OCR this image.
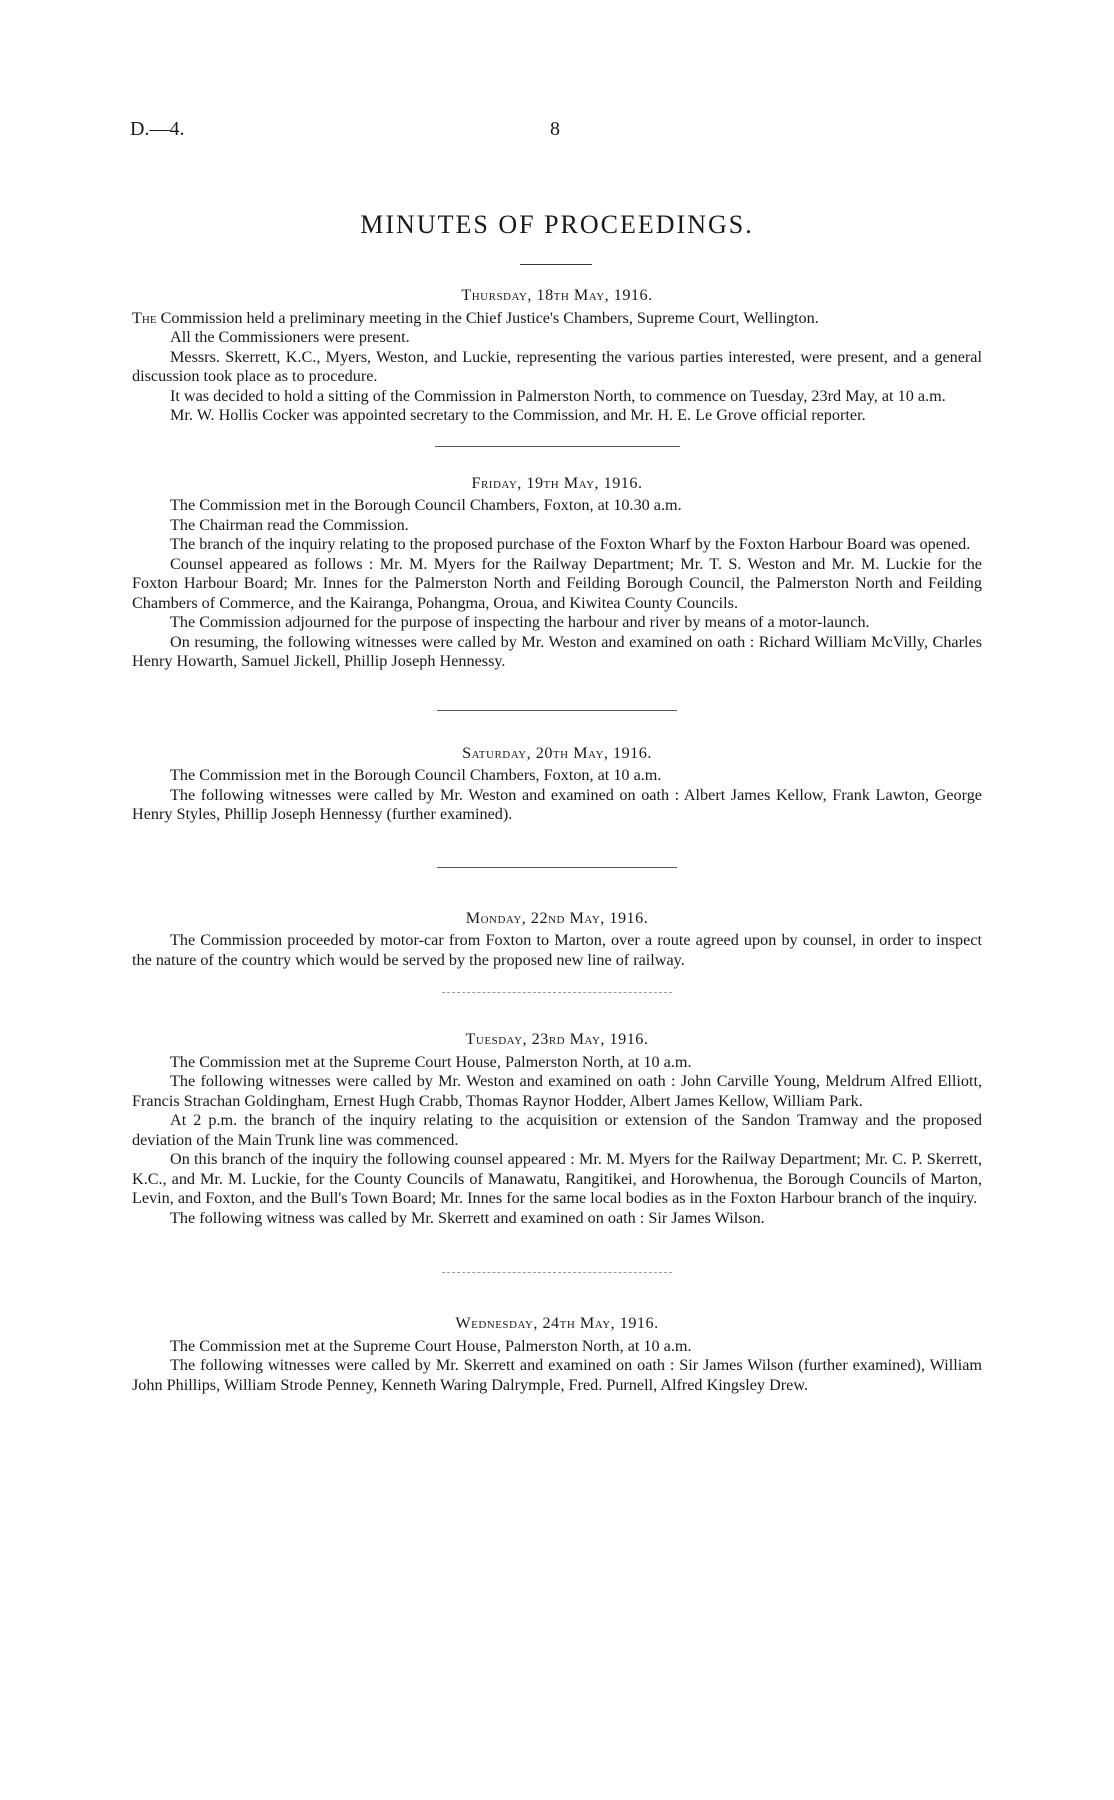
D.—4.	8
MINUTES OF PROCEEDINGS.
Thursday, 18th May, 1916.

The Commission held a preliminary meeting in the Chief Justice's Chambers, Supreme Court, Wellington.

All the Commissioners were present.

Messrs. Skerrett, K.C., Myers, Weston, and Luckie, representing the various parties interested, were present, and a general discussion took place as to procedure.

It was decided to hold a sitting of the Commission in Palmerston North, to commence on Tuesday, 23rd May, at 10 a.m.

Mr. W. Hollis Cocker was appointed secretary to the Commission, and Mr. H. E. Le Grove official reporter.

Friday, 19th May, 1916.

The Commission met in the Borough Council Chambers, Foxton, at 10.30 a.m.

The Chairman read the Commission.

The branch of the inquiry relating to the proposed purchase of the Foxton Wharf by the Foxton Harbour Board was opened.

Counsel appeared as follows : Mr. M. Myers for the Railway Department; Mr. T. S. Weston and Mr. M. Luckie for the Foxton Harbour Board; Mr. Innes for the Palmerston North and Feilding Borough Council, the Palmerston North and Feilding Chambers of Commerce, and the Kairanga, Pohangma, Oroua, and Kiwitea County Councils.

The Commission adjourned for the purpose of inspecting the harbour and river by means of a motor-launch.

On resuming, the following witnesses were called by Mr. Weston and examined on oath : Richard William McVilly, Charles Henry Howarth, Samuel Jickell, Phillip Joseph Hennessy.

Saturday, 20th May, 1916.

The Commission met in the Borough Council Chambers, Foxton, at 10 a.m.

The following witnesses were called by Mr. Weston and examined on oath : Albert James Kellow, Frank Lawton, George Henry Styles, Phillip Joseph Hennessy (further examined).

Monday, 22nd May, 1916.

The Commission proceeded by motor-car from Foxton to Marton, over a route agreed upon by counsel, in order to inspect the nature of the country which would be served by the proposed new line of railway.

Tuesday, 23rd May, 1916.

The Commission met at the Supreme Court House, Palmerston North, at 10 a.m.

The following witnesses were called by Mr. Weston and examined on oath : John Carville Young, Meldrum Alfred Elliott, Francis Strachan Goldingham, Ernest Hugh Crabb, Thomas Raynor Hodder, Albert James Kellow, William Park.

At 2 p.m. the branch of the inquiry relating to the acquisition or extension of the Sandon Tramway and the proposed deviation of the Main Trunk line was commenced.

On this branch of the inquiry the following counsel appeared : Mr. M. Myers for the Railway Department; Mr. C. P. Skerrett, K.C., and Mr. M. Luckie, for the County Councils of Manawatu, Rangitikei, and Horowhenua, the Borough Councils of Marton, Levin, and Foxton, and the Bull's Town Board; Mr. Innes for the same local bodies as in the Foxton Harbour branch of the inquiry.

The following witness was called by Mr. Skerrett and examined on oath : Sir James Wilson.

Wednesday, 24th May, 1916.

The Commission met at the Supreme Court House, Palmerston North, at 10 a.m.

The following witnesses were called by Mr. Skerrett and examined on oath : Sir James Wilson (further examined), William John Phillips, William Strode Penney, Kenneth Waring Dalrymple, Fred. Purnell, Alfred Kingsley Drew.
